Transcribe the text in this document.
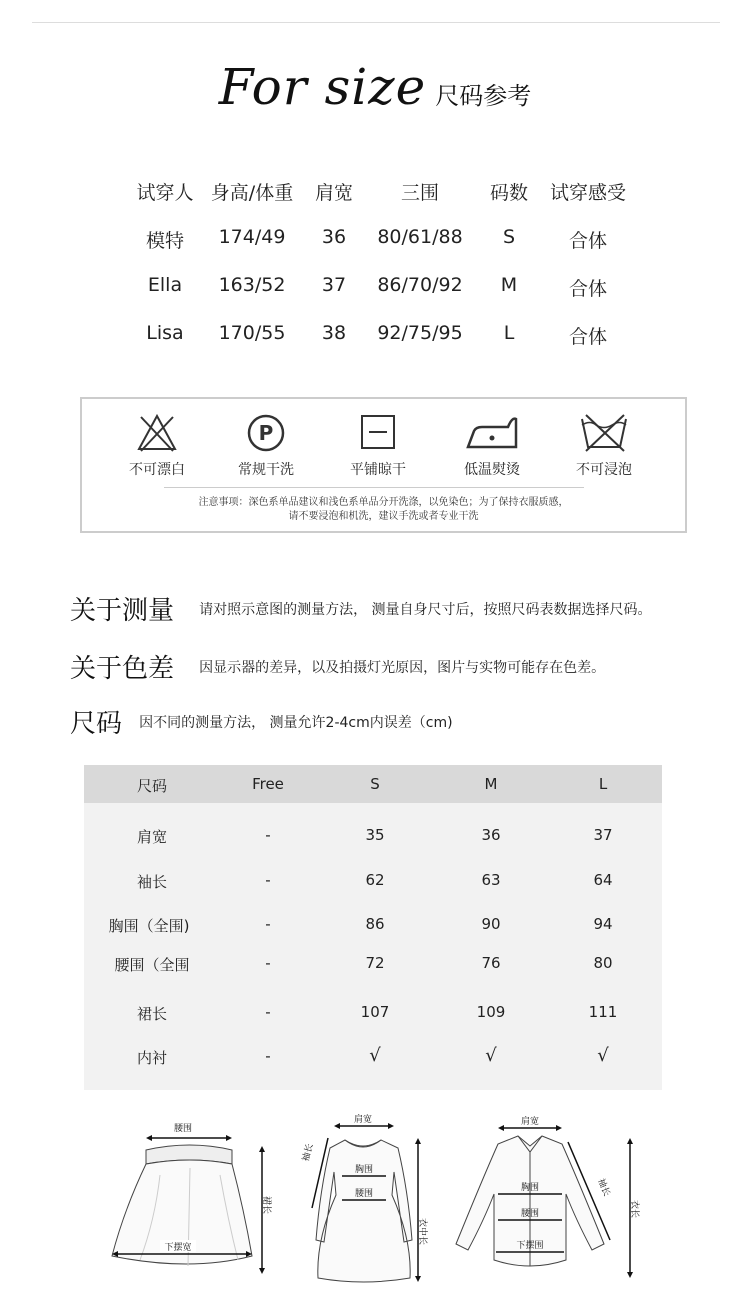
For size 尺码参考
试穿人 身高/体重 肩宽	三围	码数 试穿感受
模特 174/49 36 80/61/88 S	合体
Ella 163/52 37 86/70/92 M	合体
Lisa 170/55 38 92/75/95 L	合体
不可漂白
P
常规干洗	平铺晾干	低温熨烫	不可浸泡
注意事项：深色系单品建议和浅色系单品分开洗涤，以免染色；为了保持衣服质感，
请不要浸泡和机洗，建议手洗或者专业干洗
关于测量 请对照示意图的测量方法， 测量自身尺寸后，按照尺码表数据选择尺码。
关于色差 因显示器的差异，以及拍摄灯光原因，图片与实物可能存在色差。
尺码 因不同的测量方法， 测量允许2-4cm内误差（cm)
尺码	Free	S	M	L
肩宽	-	35	36	37
袖长	-	62	63	64
胸围（全围)	-	86	90	94
腰围（全围	-	72	76	80
裙长	-	107	109	111
内衬	-	√	√	√
腰围
裙长
下摆宽
肩宽
袖长
胸围
腰围
衣中长
肩宽
袖长
胸围
腰围
下摆围
衣长
